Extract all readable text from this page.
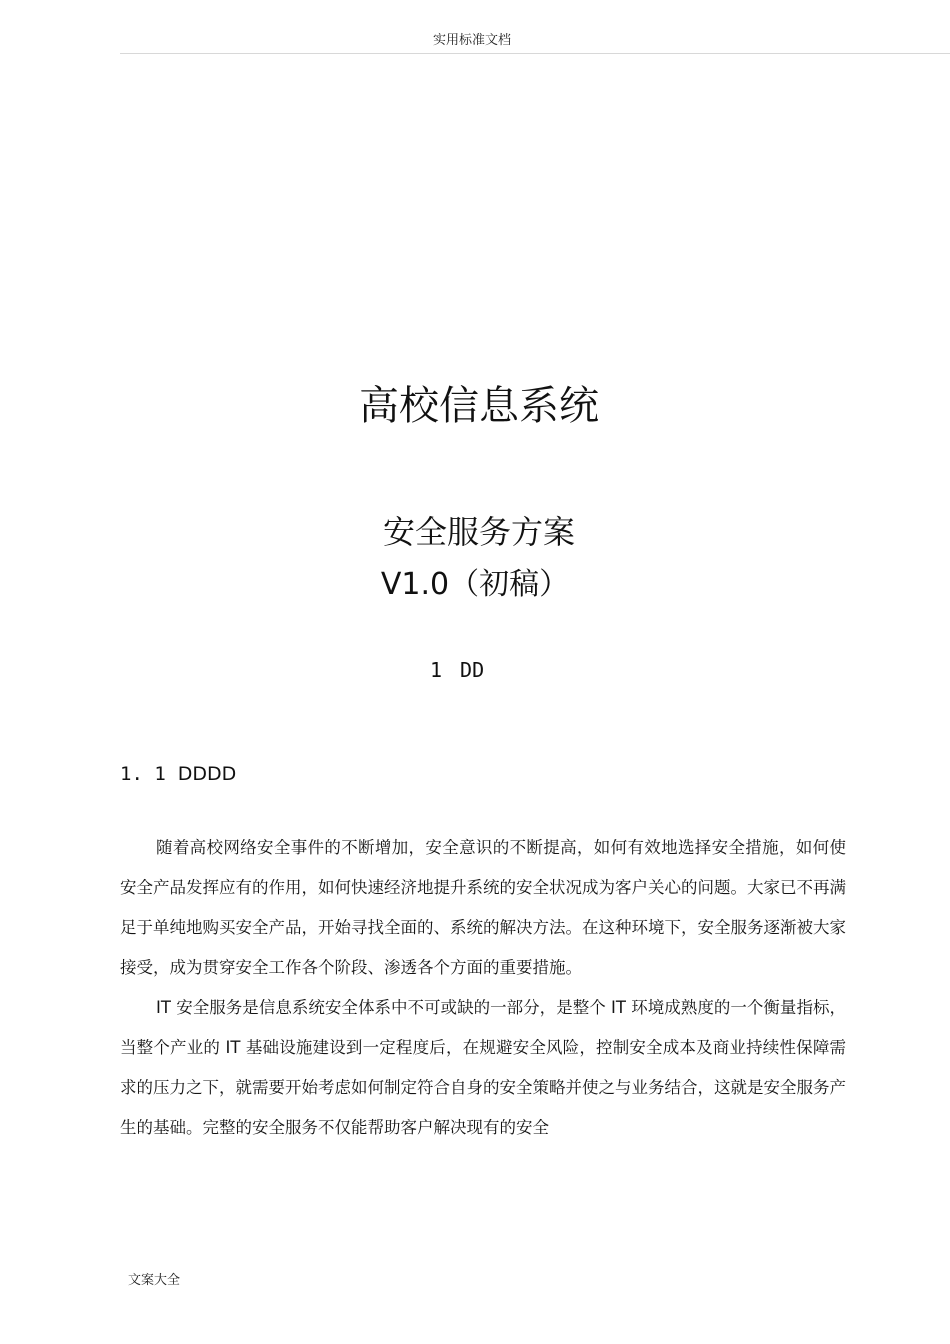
实用标准文档
高校信息系统
安全服务方案
V1.0（初稿）
1 DD
1. 1 DDDD

随着高校网络安全事件的不断增加，安全意识的不断提高，如何有效地选择安全措施，如何使安全产品发挥应有的作用，如何快速经济地提升系统的安全状况成为客户关心的问题。大家已不再满足于单纯地购买安全产品，开始寻找全面的、系统的解决方法。在这种环境下，安全服务逐渐被大家接受，成为贯穿安全工作各个阶段、渗透各个方面的重要措施。

IT 安全服务是信息系统安全体系中不可或缺的一部分，是整个 IT 环境成熟度的一个衡量指标，当整个产业的 IT 基础设施建设到一定程度后，在规避安全风险，控制安全成本及商业持续性保障需求的压力之下，就需要开始考虑如何制定符合自身的安全策略并使之与业务结合，这就是安全服务产生的基础。完整的安全服务不仅能帮助客户解决现有的安全

文案大全
